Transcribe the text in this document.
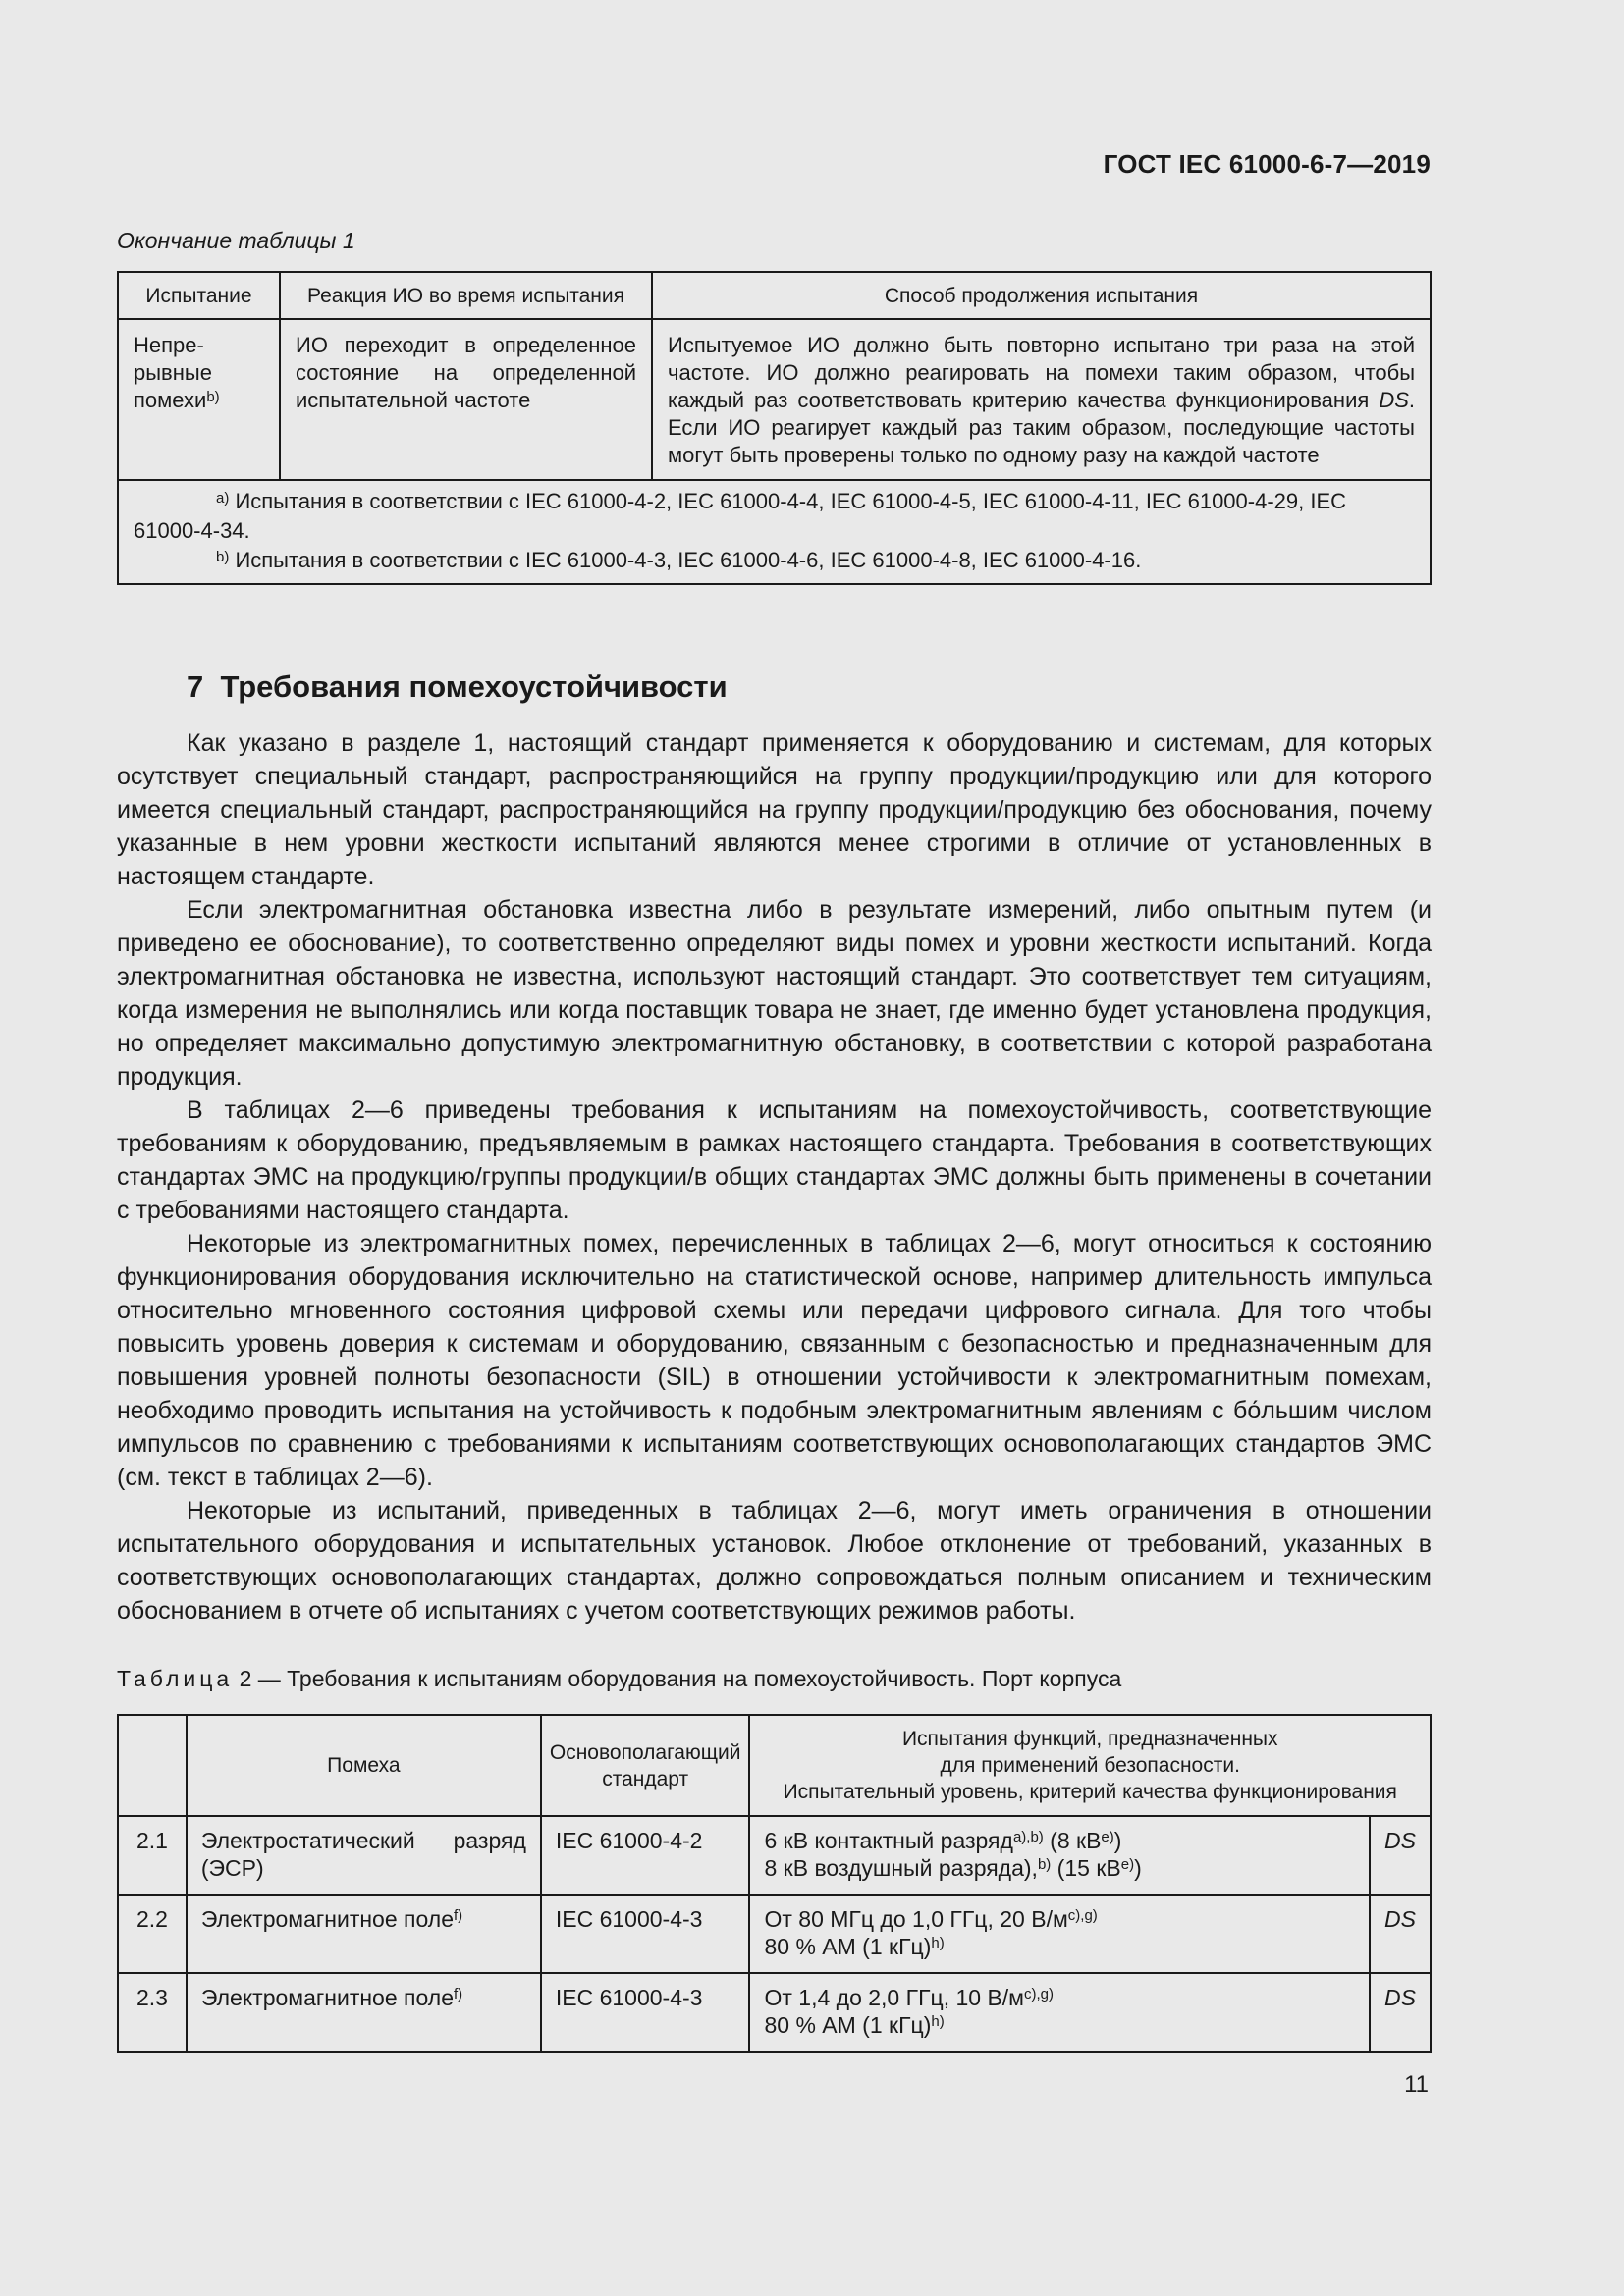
ГОСТ IEC 61000-6-7—2019
Окончание таблицы 1
Испытание	Реакция ИО во время испытания	Способ продолжения испытания
Непре-рывные помехи$^{b)}$	ИО переходит в определенное состояние на определенной испытательной частоте	Испытуемое ИО должно быть повторно испытано три раза на этой частоте. ИО должно реагировать на помехи таким образом, чтобы каждый раз соответствовать критерию качества функционирования DS. Если ИО реагирует каждый раз таким образом, последующие частоты могут быть проверены только по одному разу на каждой частоте

$^{a)}$ Испытания в соответствии с IEC 61000-4-2, IEC 61000-4-4, IEC 61000-4-5, IEC 61000-4-11, IEC 61000-4-29, IEC 61000-4-34.
$^{b)}$ Испытания в соответствии с IEC 61000-4-3, IEC 61000-4-6, IEC 61000-4-8, IEC 61000-4-16.		
7 Требования помехоустойчивости

Как указано в разделе 1, настоящий стандарт применяется к оборудованию и системам, для которых осутствует специальный стандарт, распространяющийся на группу продукции/продукцию или для которого имеется специальный стандарт, распространяющийся на группу продукции/продукцию без обоснования, почему указанные в нем уровни жесткости испытаний являются менее строгими в отличие от установленных в настоящем стандарте.

Если электромагнитная обстановка известна либо в результате измерений, либо опытным путем (и приведено ее обоснование), то соответственно определяют виды помех и уровни жесткости испытаний. Когда электромагнитная обстановка не известна, используют настоящий стандарт. Это соответствует тем ситуациям, когда измерения не выполнялись или когда поставщик товара не знает, где именно будет установлена продукция, но определяет максимально допустимую электромагнитную обстановку, в соответствии с которой разработана продукция.

В таблицах 2—6 приведены требования к испытаниям на помехоустойчивость, соответствующие требованиям к оборудованию, предъявляемым в рамках настоящего стандарта. Требования в соответствующих стандартах ЭМС на продукцию/группы продукции/в общих стандартах ЭМС должны быть применены в сочетании с требованиями настоящего стандарта.

Некоторые из электромагнитных помех, перечисленных в таблицах 2—6, могут относиться к состоянию функционирования оборудования исключительно на статистической основе, например длительность импульса относительно мгновенного состояния цифровой схемы или передачи цифрового сигнала. Для того чтобы повысить уровень доверия к системам и оборудованию, связанным с безопасностью и предназначенным для повышения уровней полноты безопасности (SIL) в отношении устойчивости к электромагнитным помехам, необходимо проводить испытания на устойчивость к подобным электромагнитным явлениям с бо́льшим числом импульсов по сравнению с требованиями к испытаниям соответствующих основополагающих стандартов ЭМС (см. текст в таблицах 2—6).

Некоторые из испытаний, приведенных в таблицах 2—6, могут иметь ограничения в отношении испытательного оборудования и испытательных установок. Любое отклонение от требований, указанных в соответствующих основополагающих стандартах, должно сопровождаться полным описанием и техническим обоснованием в отчете об испытаниях с учетом соответствующих режимов работы.

Таблица 2 — Требования к испытаниям оборудования на помехоустойчивость. Порт корпуса
	Помеха	Основополагающий стандарт	Испытания функций, предназначенных
для применений безопасности.
Испытательный уровень, критерий качества функционирования	

2.1	Электростатический разряд (ЭСР)	IEC 61000-4-2	6 кВ контактный разряд$^{a),b)}$ (8 $кВ^{e)}$)
8 кВ воздушный разряда),$^{b)}$ (15 $кВ^{e)}$)	DS
2.2	Электромагнитное поле$^{f)}$	IEC 61000-4-3	От 80 МГц до 1,0 ГГц, 20 $В/м^{c),g)}$
80 % АМ (1 кГц)$^{h)}$	DS
2.3	Электромагнитное поле$^{f)}$	IEC 61000-4-3	От 1,4 до 2,0 ГГц, 10 $В/м^{c),g)}$
80 % АМ (1 кГц)$^{h)}$	DS
11
